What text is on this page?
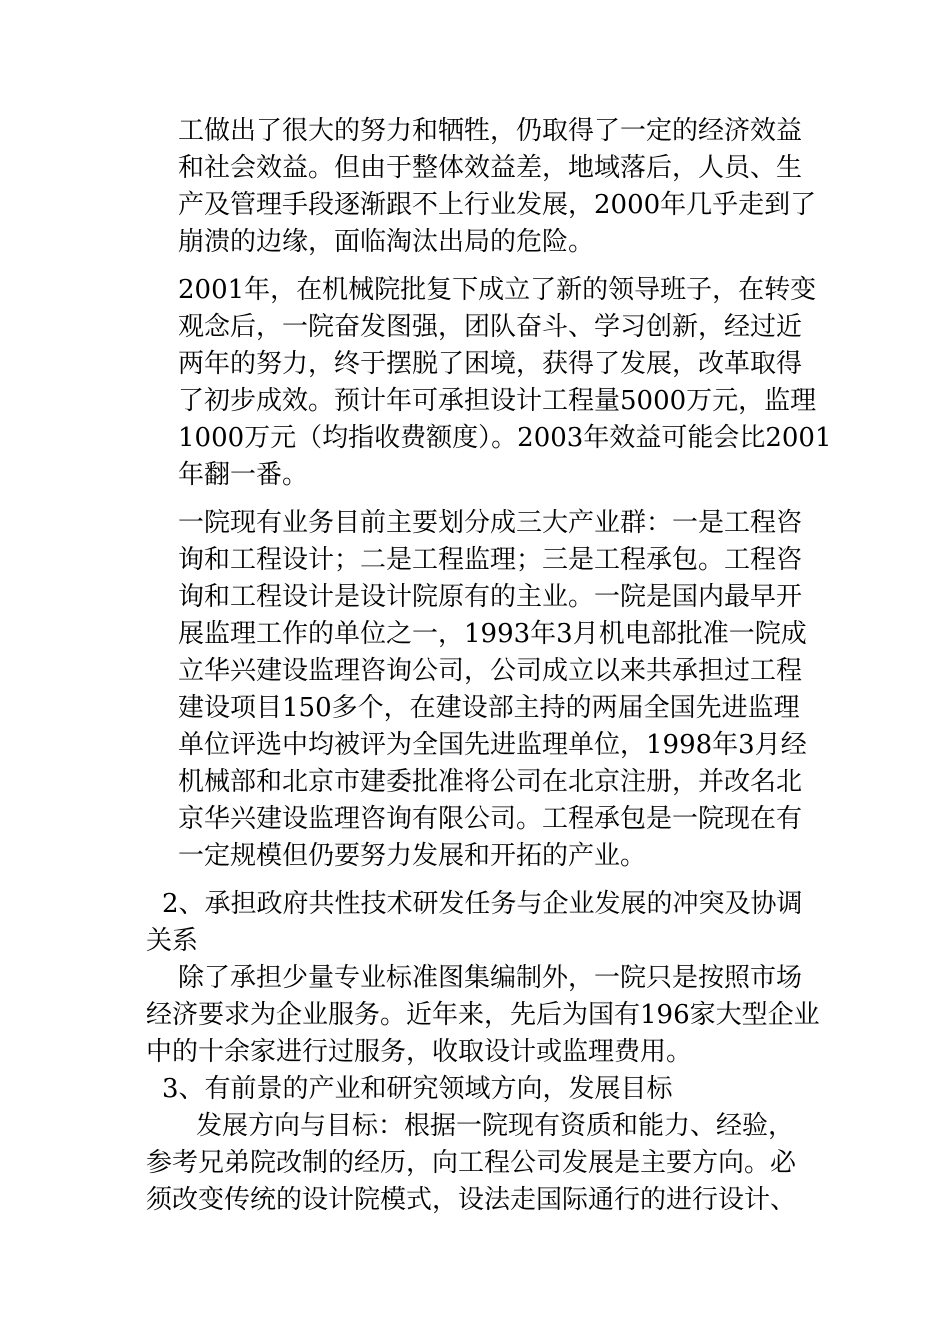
工做出了很大的努力和牺牲，仍取得了一定的经济效益
和社会效益。但由于整体效益差，地域落后，人员、生
产及管理手段逐渐跟不上行业发展，2000年几乎走到了
崩溃的边缘，面临淘汰出局的危险。
2001年，在机械院批复下成立了新的领导班子，在转变
观念后，一院奋发图强，团队奋斗、学习创新，经过近
两年的努力，终于摆脱了困境，获得了发展，改革取得
了初步成效。预计年可承担设计工程量5000万元，监理
1000万元（均指收费额度）。2003年效益可能会比2001
年翻一番。
一院现有业务目前主要划分成三大产业群：一是工程咨
询和工程设计；二是工程监理；三是工程承包。工程咨
询和工程设计是设计院原有的主业。一院是国内最早开
展监理工作的单位之一，1993年3月机电部批准一院成
立华兴建设监理咨询公司，公司成立以来共承担过工程
建设项目150多个，在建设部主持的两届全国先进监理
单位评选中均被评为全国先进监理单位，1998年3月经
机械部和北京市建委批准将公司在北京注册，并改名北
京华兴建设监理咨询有限公司。工程承包是一院现在有
一定规模但仍要努力发展和开拓的产业。
2、承担政府共性技术研发任务与企业发展的冲突及协调
关系
除了承担少量专业标准图集编制外，一院只是按照市场
经济要求为企业服务。近年来，先后为国有196家大型企业
中的十余家进行过服务，收取设计或监理费用。
3、有前景的产业和研究领域方向，发展目标
发展方向与目标：根据一院现有资质和能力、经验，
参考兄弟院改制的经历，向工程公司发展是主要方向。必
须改变传统的设计院模式，设法走国际通行的进行设计、
